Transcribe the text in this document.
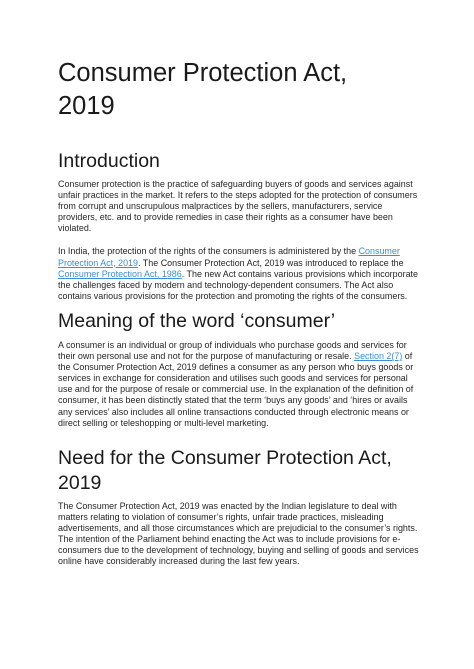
Consumer Protection Act,
2019
Introduction

Consumer protection is the practice of safeguarding buyers of goods and services against unfair practices in the market. It refers to the steps adopted for the protection of consumers from corrupt and unscrupulous malpractices by the sellers, manufacturers, service providers, etc. and to provide remedies in case their rights as a consumer have been violated.

In India, the protection of the rights of the consumers is administered by the Consumer Protection Act, 2019. The Consumer Protection Act, 2019 was introduced to replace the Consumer Protection Act, 1986. The new Act contains various provisions which incorporate the challenges faced by modern and technology-dependent consumers. The Act also contains various provisions for the protection and promoting the rights of the consumers.

Meaning of the word ‘consumer’

A consumer is an individual or group of individuals who purchase goods and services for their own personal use and not for the purpose of manufacturing or resale. Section 2(7) of the Consumer Protection Act, 2019 defines a consumer as any person who buys goods or services in exchange for consideration and utilises such goods and services for personal use and for the purpose of resale or commercial use. In the explanation of the definition of consumer, it has been distinctly stated that the term ‘buys any goods’ and ‘hires or avails any services’ also includes all online transactions conducted through electronic means or direct selling or teleshopping or multi-level marketing.

Need for the Consumer Protection Act,
2019

The Consumer Protection Act, 2019 was enacted by the Indian legislature to deal with matters relating to violation of consumer’s rights, unfair trade practices, misleading advertisements, and all those circumstances which are prejudicial to the consumer’s rights. The intention of the Parliament behind enacting the Act was to include provisions for e-consumers due to the development of technology, buying and selling of goods and services online have considerably increased during the last few years.
